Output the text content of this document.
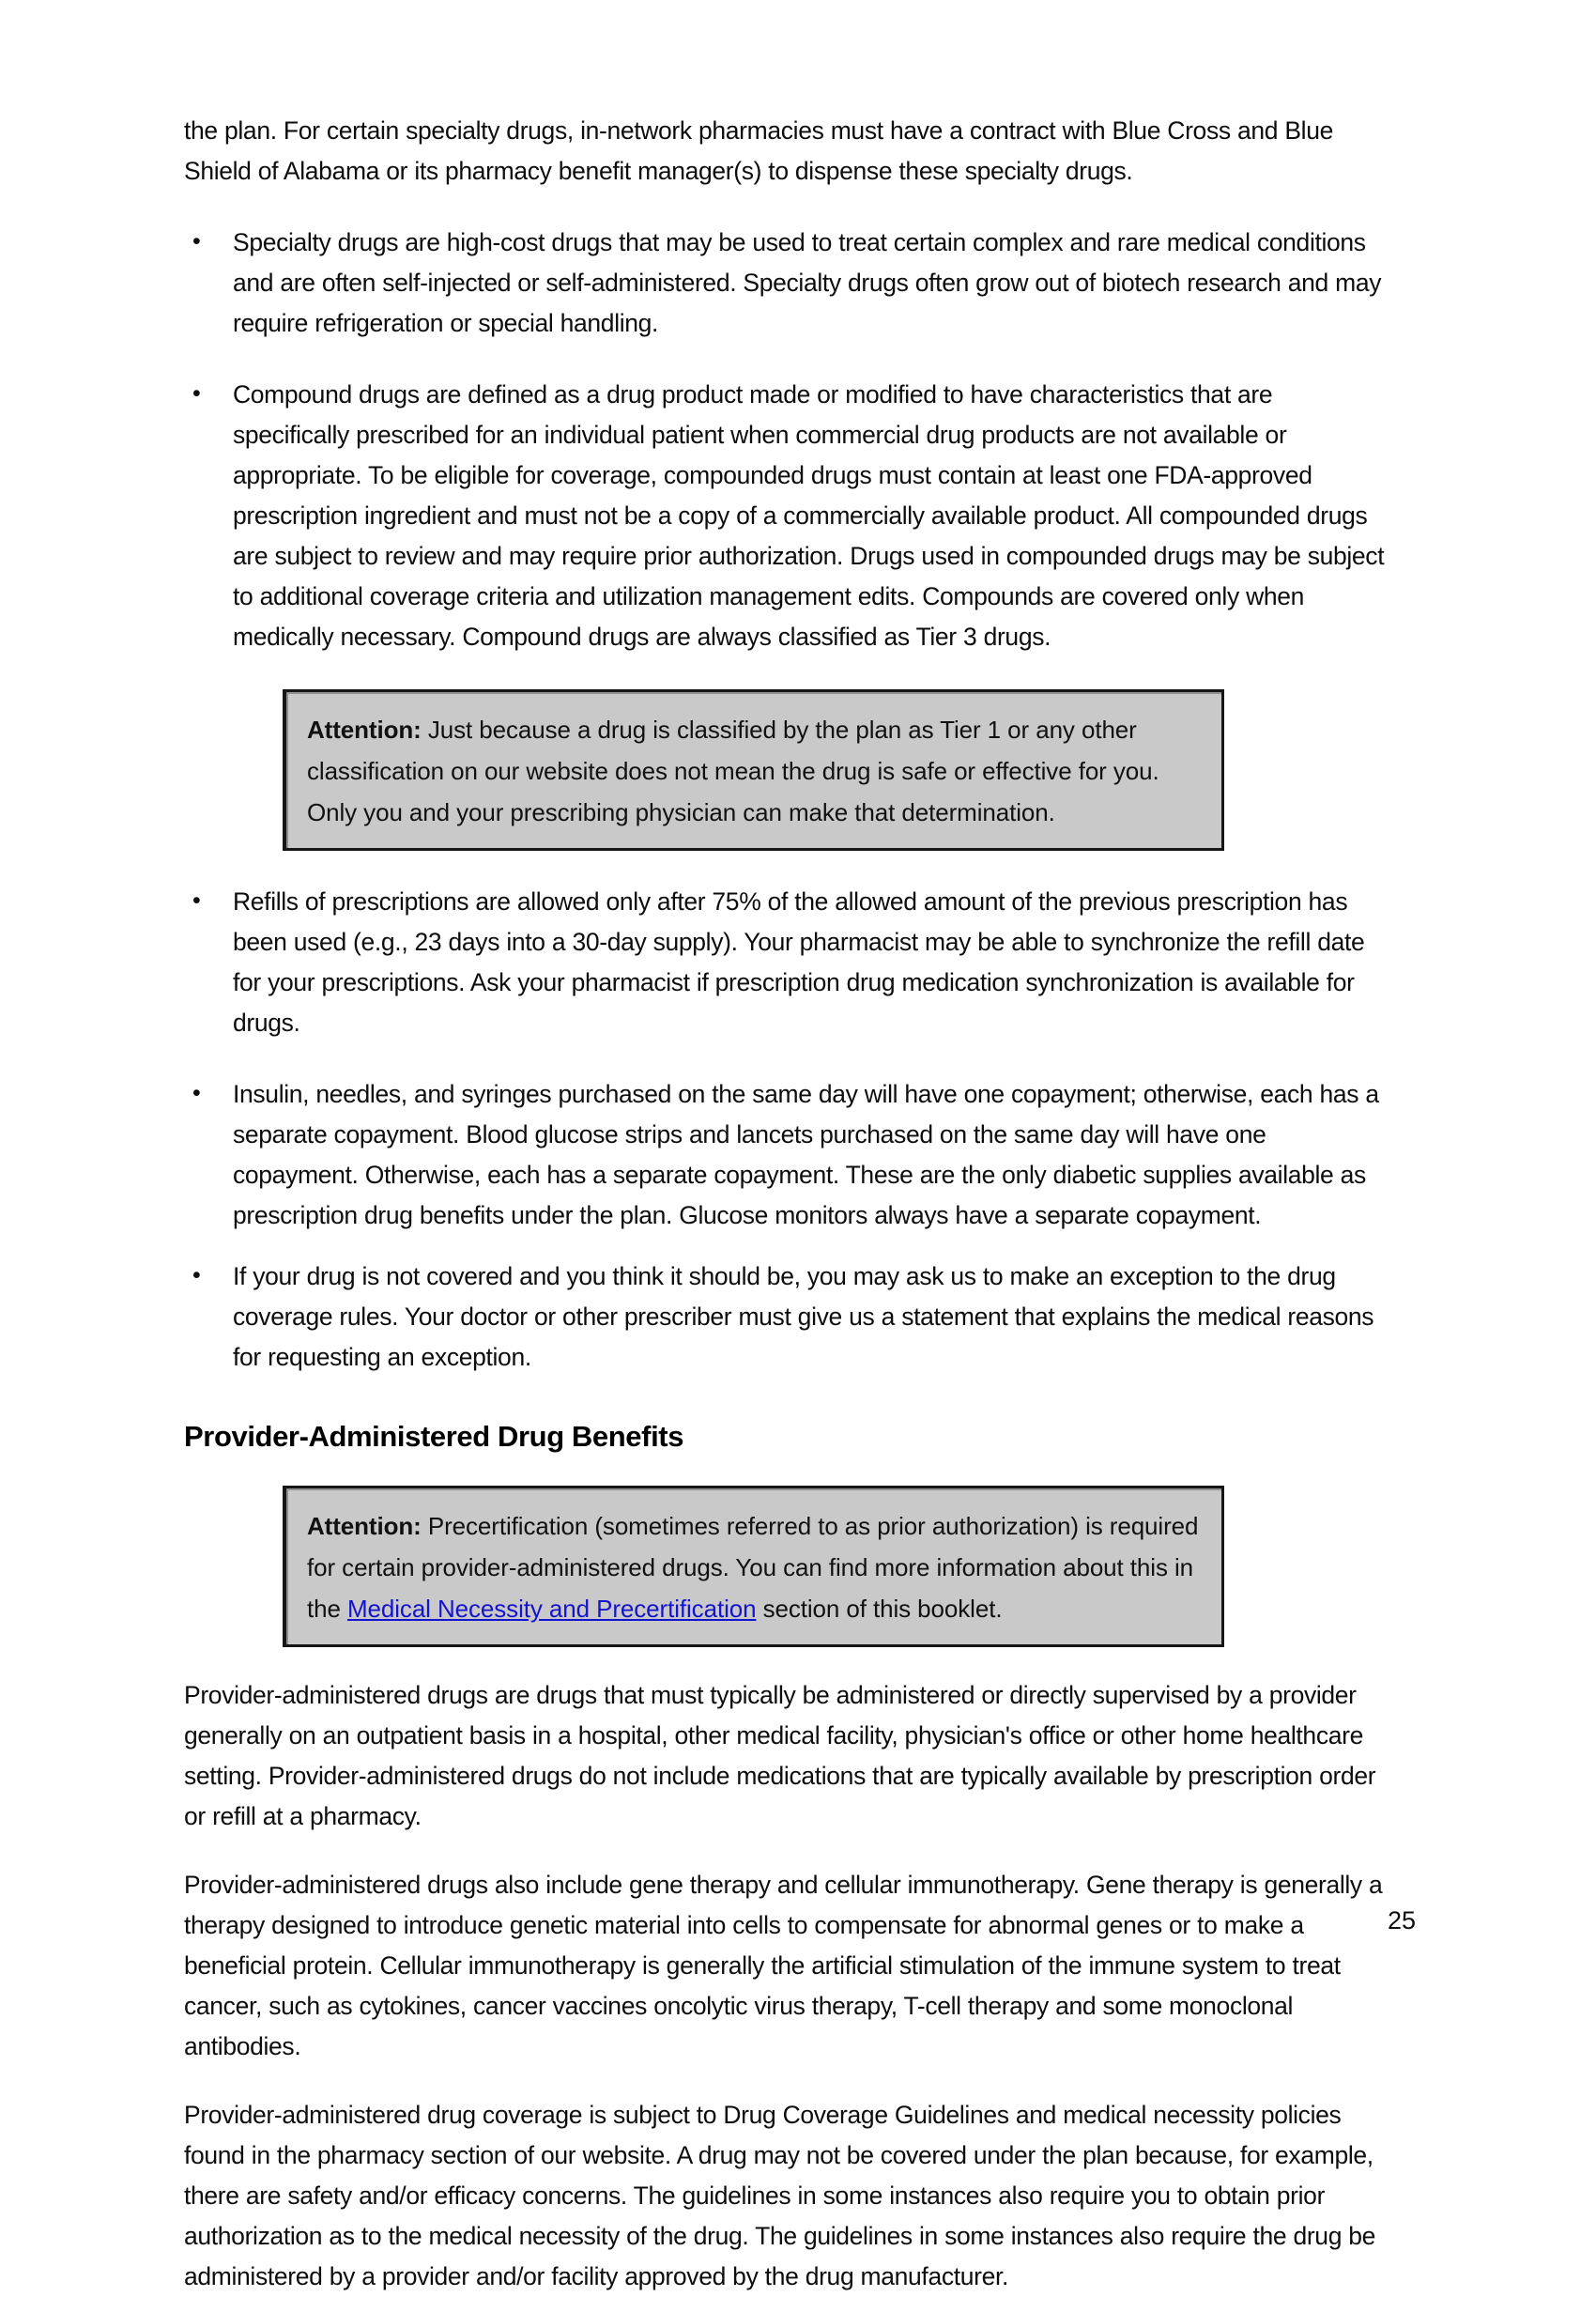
the plan. For certain specialty drugs, in-network pharmacies must have a contract with Blue Cross and Blue Shield of Alabama or its pharmacy benefit manager(s) to dispense these specialty drugs.
• Specialty drugs are high-cost drugs that may be used to treat certain complex and rare medical conditions and are often self-injected or self-administered. Specialty drugs often grow out of biotech research and may require refrigeration or special handling.
• Compound drugs are defined as a drug product made or modified to have characteristics that are specifically prescribed for an individual patient when commercial drug products are not available or appropriate. To be eligible for coverage, compounded drugs must contain at least one FDA-approved prescription ingredient and must not be a copy of a commercially available product. All compounded drugs are subject to review and may require prior authorization. Drugs used in compounded drugs may be subject to additional coverage criteria and utilization management edits. Compounds are covered only when medically necessary. Compound drugs are always classified as Tier 3 drugs.
Attention: Just because a drug is classified by the plan as Tier 1 or any other classification on our website does not mean the drug is safe or effective for you. Only you and your prescribing physician can make that determination.
• Refills of prescriptions are allowed only after 75% of the allowed amount of the previous prescription has been used (e.g., 23 days into a 30-day supply). Your pharmacist may be able to synchronize the refill date for your prescriptions. Ask your pharmacist if prescription drug medication synchronization is available for drugs.
• Insulin, needles, and syringes purchased on the same day will have one copayment; otherwise, each has a separate copayment. Blood glucose strips and lancets purchased on the same day will have one copayment. Otherwise, each has a separate copayment. These are the only diabetic supplies available as prescription drug benefits under the plan. Glucose monitors always have a separate copayment.
• If your drug is not covered and you think it should be, you may ask us to make an exception to the drug coverage rules. Your doctor or other prescriber must give us a statement that explains the medical reasons for requesting an exception.
Provider-Administered Drug Benefits
Attention: Precertification (sometimes referred to as prior authorization) is required for certain provider-administered drugs. You can find more information about this in the Medical Necessity and Precertification section of this booklet.
Provider-administered drugs are drugs that must typically be administered or directly supervised by a provider generally on an outpatient basis in a hospital, other medical facility, physician's office or other home healthcare setting. Provider-administered drugs do not include medications that are typically available by prescription order or refill at a pharmacy.
Provider-administered drugs also include gene therapy and cellular immunotherapy. Gene therapy is generally a therapy designed to introduce genetic material into cells to compensate for abnormal genes or to make a beneficial protein. Cellular immunotherapy is generally the artificial stimulation of the immune system to treat cancer, such as cytokines, cancer vaccines oncolytic virus therapy, T-cell therapy and some monoclonal antibodies.
Provider-administered drug coverage is subject to Drug Coverage Guidelines and medical necessity policies found in the pharmacy section of our website. A drug may not be covered under the plan because, for example, there are safety and/or efficacy concerns. The guidelines in some instances also require you to obtain prior authorization as to the medical necessity of the drug. The guidelines in some instances also require the drug be administered by a provider and/or facility approved by the drug manufacturer.
25
